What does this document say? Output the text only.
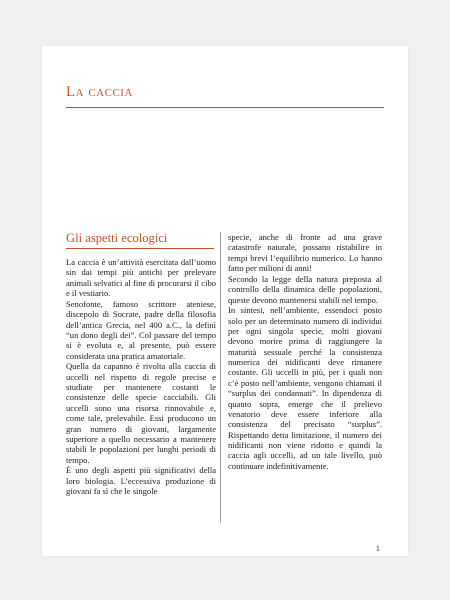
La caccia
Gli aspetti ecologici

La caccia è un’attività esercitata dall’uomo sin dai tempi più antichi per prelevare animali selvatici al fine di procurarsi il cibo e il vestiario.

Senofonte, famoso scrittore ateniese, discepolo di Socrate, padre della filosofia dell’antica Grecia, nel 400 a.C., la definì “un dono degli dei”. Col passare del tempo si è evoluta e, al presente, può essere considerata una pratica amatoriale.

Quella da capanno è rivolta alla caccia di uccelli nel rispetto di regole precise e studiate per mantenere costanti le consistenze delle specie cacciabili. Gli uccelli sono una risorsa rinnovabile e, come tale, prelevabile. Essi producono un gran numero di giovani, largamente superiore a quello necessario a mantenere stabili le popolazioni per lunghi periodi di tempo.

È uno degli aspetti più significativi della loro biologia. L’eccessiva produzione di giovani fa sì che le singole

specie, anche di fronte ad una grave catastrofe naturale, possano ristabilire in tempi brevi l’equilibrio numerico. Lo hanno fatto per milioni di anni!

Secondo la legge della natura preposta al controllo della dinamica delle popolazioni, queste devono mantenersi stabili nel tempo.

In sintesi, nell’ambiente, essendoci posto solo per un determinato numero di individui per ogni singola specie, molti giovani devono morire prima di raggiungere la maturità sessuale perché la consistenza numerica dei nidificanti deve rimanere costante. Gli uccelli in più, per i quali non c’è posto nell’ambiente, vengono chiamati il “surplus dei condannati”. In dipendenza di quanto sopra, emerge che il prelievo venatorio deve essere inferiore alla consistenza del precisato “surplus”. Rispettando detta limitazione, il numero dei nidificanti non viene ridotto e quindi la caccia agli uccelli, ad un tale livello, può continuare indefinitivamente.

1
